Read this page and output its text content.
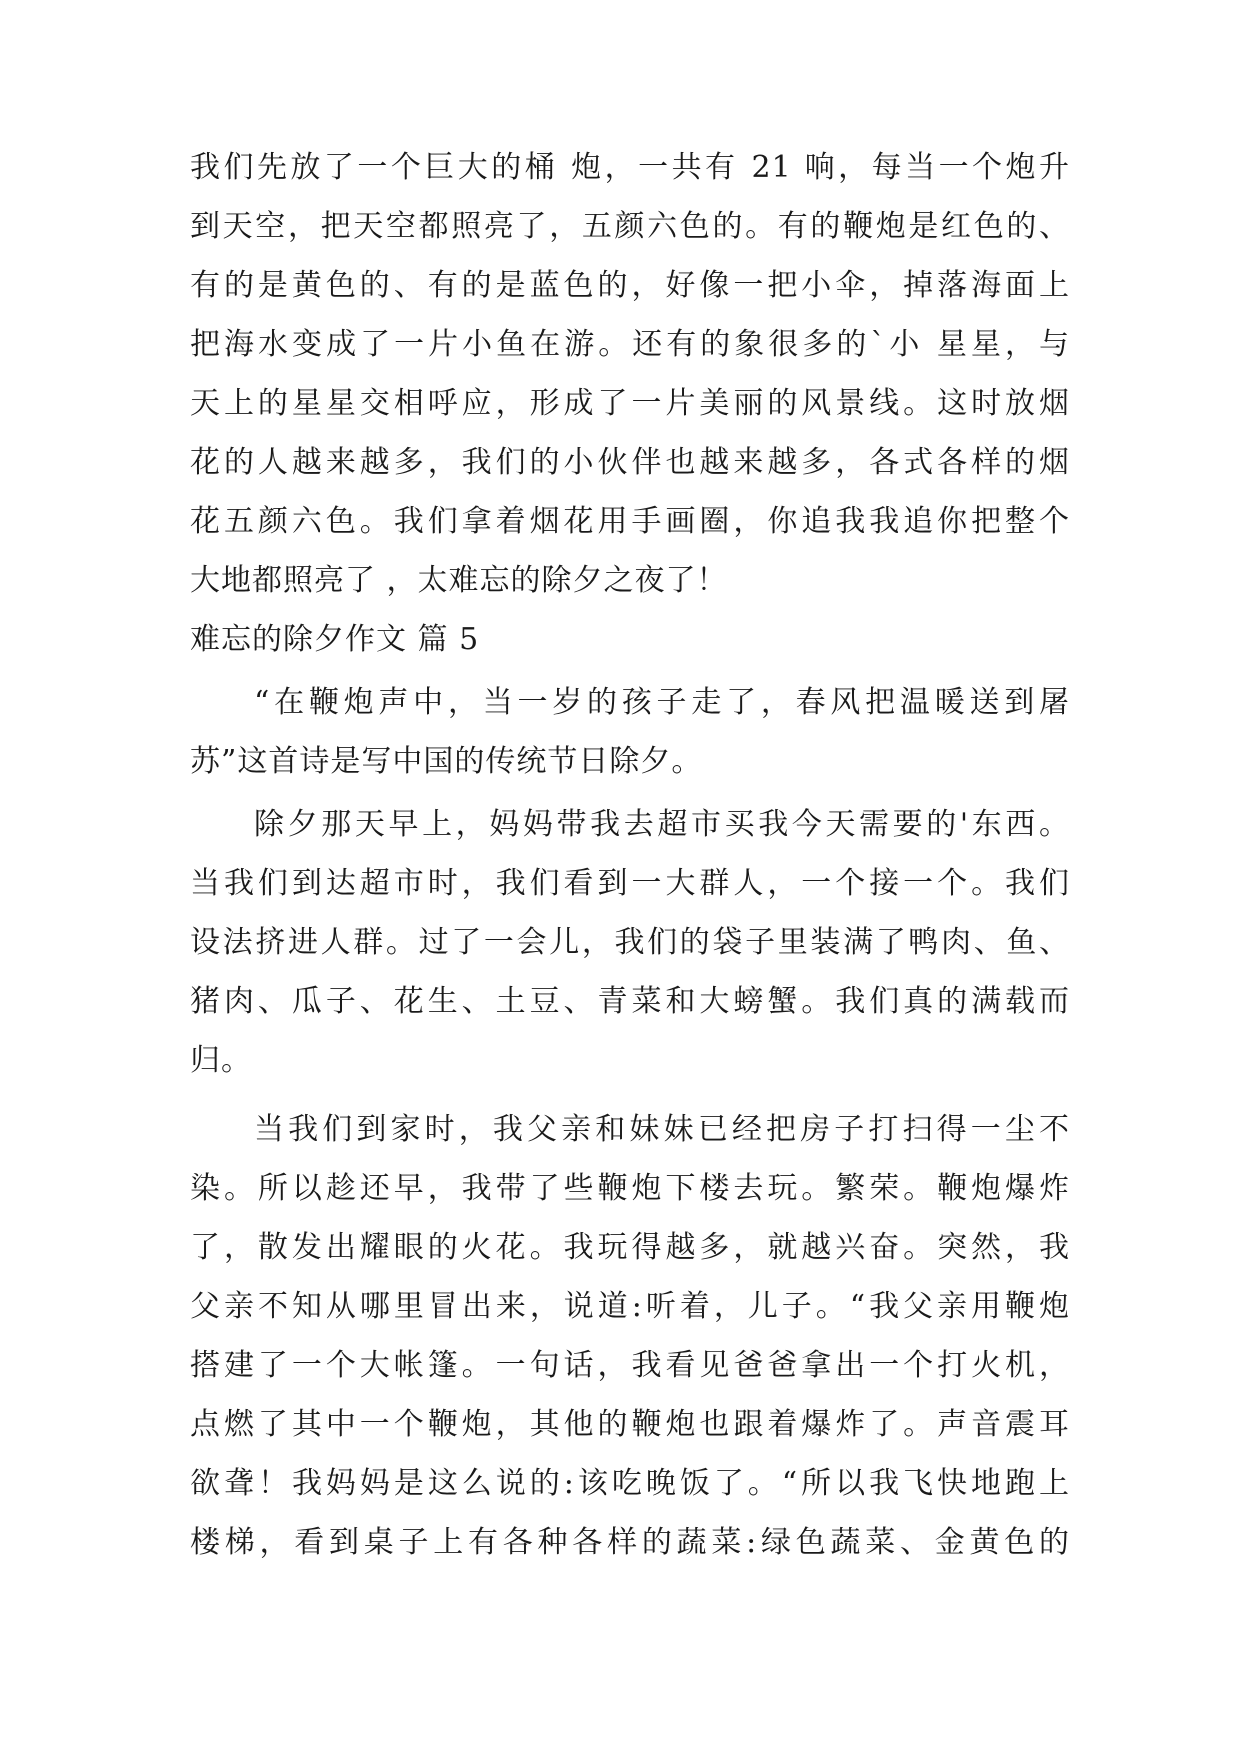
我们先放了一个巨大的桶 炮，一共有 21 响，每当一个炮升
到天空，把天空都照亮了，五颜六色的。有的鞭炮是红色的、
有的是黄色的、有的是蓝色的，好像一把小伞，掉落海面上
把海水变成了一片小鱼在游。还有的象很多的`小 星星，与
天上的星星交相呼应，形成了一片美丽的风景线。这时放烟
花的人越来越多，我们的小伙伴也越来越多，各式各样的烟
花五颜六色。我们拿着烟花用手画圈，你追我我追你把整个
大地都照亮了 ，太难忘的除夕之夜了！
难忘的除夕作文 篇 5
“在鞭炮声中，当一岁的孩子走了，春风把温暖送到屠
苏”这首诗是写中国的传统节日除夕。
除夕那天早上，妈妈带我去超市买我今天需要的'东西。
当我们到达超市时，我们看到一大群人，一个接一个。我们
设法挤进人群。过了一会儿，我们的袋子里装满了鸭肉、鱼、
猪肉、瓜子、花生、土豆、青菜和大螃蟹。我们真的满载而
归。
当我们到家时，我父亲和妹妹已经把房子打扫得一尘不
染。所以趁还早，我带了些鞭炮下楼去玩。繁荣。鞭炮爆炸
了，散发出耀眼的火花。我玩得越多，就越兴奋。突然，我
父亲不知从哪里冒出来，说道:听着，儿子。“我父亲用鞭炮
搭建了一个大帐篷。一句话，我看见爸爸拿出一个打火机，
点燃了其中一个鞭炮，其他的鞭炮也跟着爆炸了。声音震耳
欲聋！我妈妈是这么说的:该吃晚饭了。“所以我飞快地跑上
楼梯，看到桌子上有各种各样的蔬菜:绿色蔬菜、金黄色的
